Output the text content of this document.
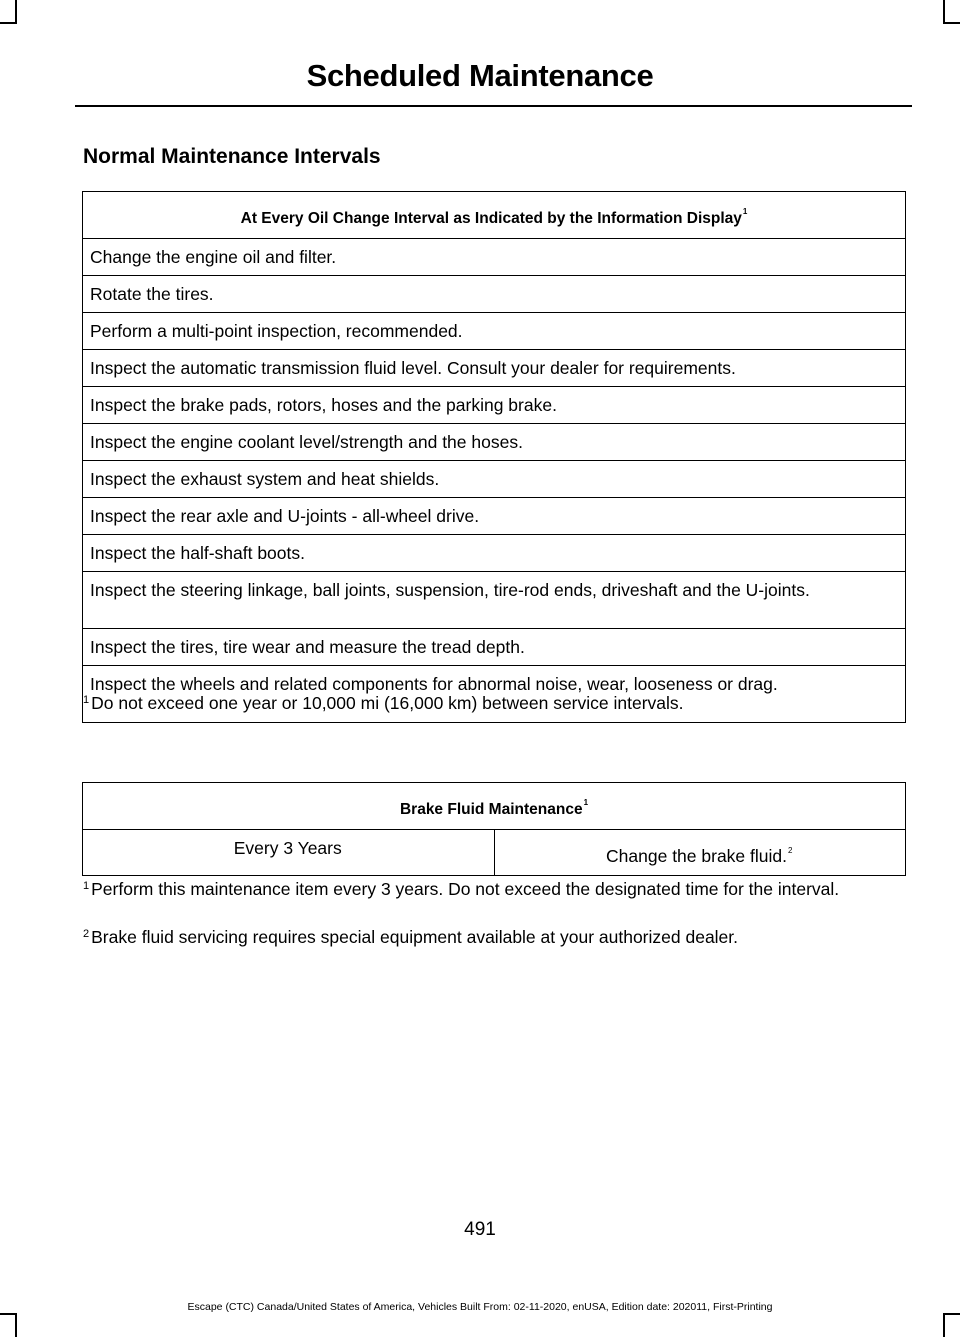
Scheduled Maintenance
Normal Maintenance Intervals
At Every Oil Change Interval as Indicated by the Information Display$^1$
Change the engine oil and filter.
Rotate the tires.
Perform a multi-point inspection, recommended.
Inspect the automatic transmission fluid level. Consult your dealer for requirements.
Inspect the brake pads, rotors, hoses and the parking brake.
Inspect the engine coolant level/strength and the hoses.
Inspect the exhaust system and heat shields.
Inspect the rear axle and U-joints - all-wheel drive.
Inspect the half-shaft boots.
Inspect the steering linkage, ball joints, suspension, tire-rod ends, driveshaft and the U-joints.
Inspect the tires, tire wear and measure the tread depth.
Inspect the wheels and related components for abnormal noise, wear, looseness or drag.
$^1$ Do not exceed one year or 10,000 mi (16,000 km) between service intervals.
Brake Fluid Maintenance$^1$
Every 3 Years	Change the brake fluid.$^2$
$^1$ Perform this maintenance item every 3 years. Do not exceed the designated time for the interval.
$^2$ Brake fluid servicing requires special equipment available at your authorized dealer.
491
Escape (CTC) Canada/United States of America, Vehicles Built From: 02-11-2020, enUSA, Edition date: 202011, First-Printing
